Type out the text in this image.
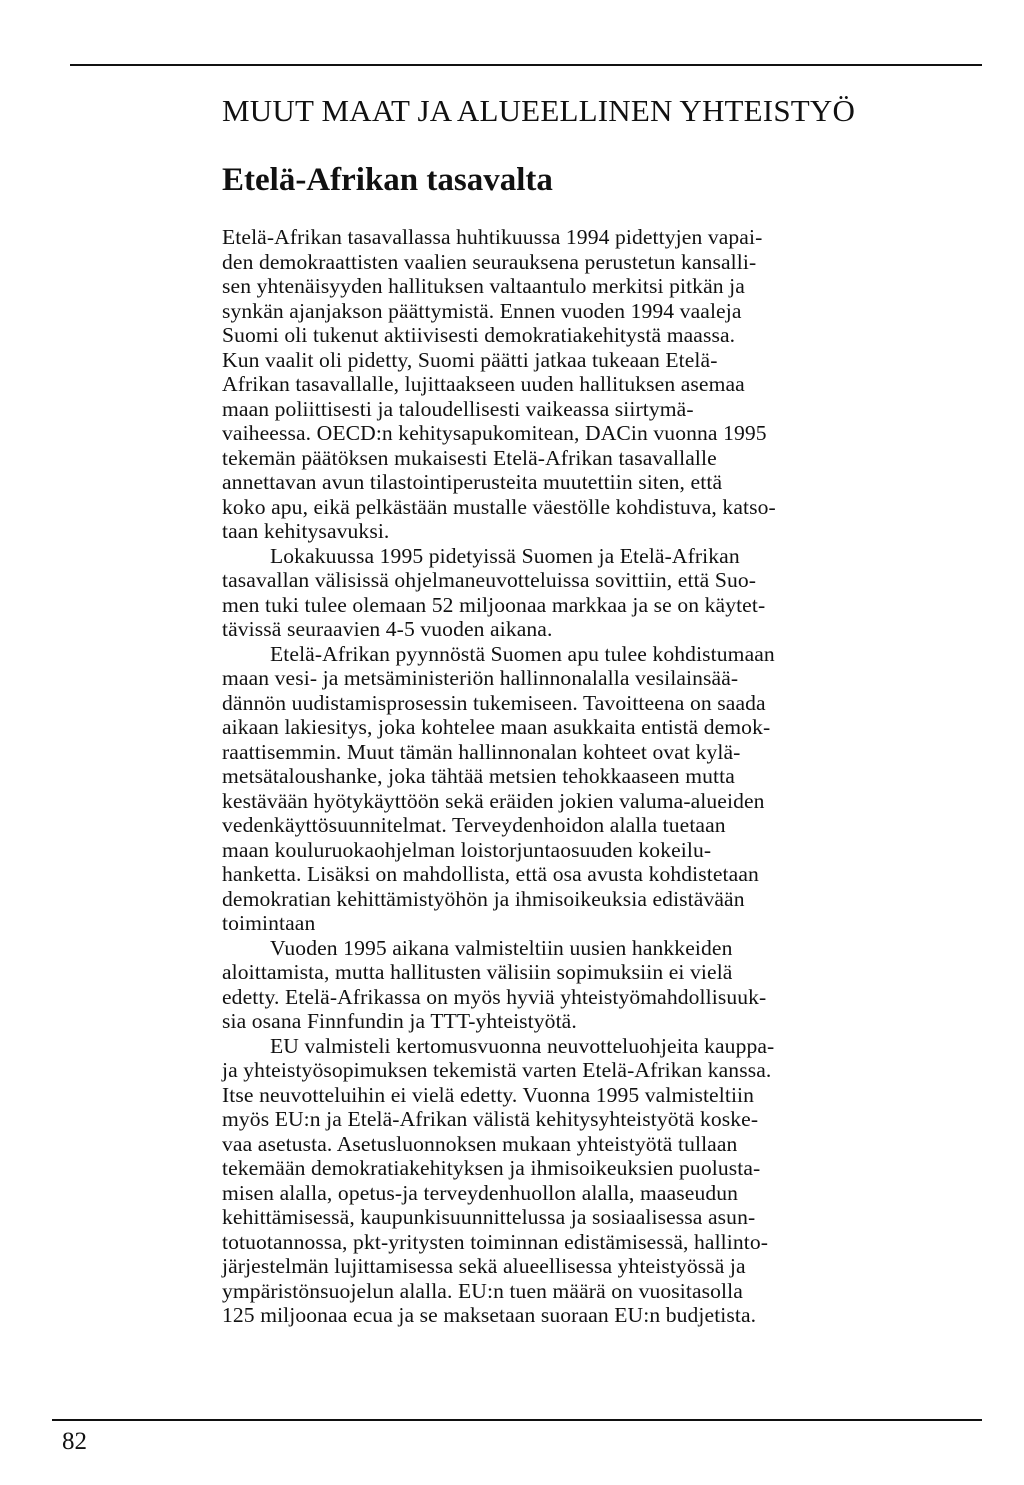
MUUT MAAT JA ALUEELLINEN YHTEISTYÖ
Etelä-Afrikan tasavalta
Etelä-Afrikan tasavallassa huhtikuussa 1994 pidettyjen vapai-
den demokraattisten vaalien seurauksena perustetun kansalli-
sen yhtenäisyyden hallituksen valtaantulo merkitsi pitkän ja
synkän ajanjakson päättymistä. Ennen vuoden 1994 vaaleja
Suomi oli tukenut aktiivisesti demokratiakehitystä maassa.
Kun vaalit oli pidetty, Suomi päätti jatkaa tukeaan Etelä-
Afrikan tasavallalle, lujittaakseen uuden hallituksen asemaa
maan poliittisesti ja taloudellisesti vaikeassa siirtymä-
vaiheessa. OECD:n kehitysapukomitean, DACin vuonna 1995
tekemän päätöksen mukaisesti Etelä-Afrikan tasavallalle
annettavan avun tilastointiperusteita muutettiin siten, että
koko apu, eikä pelkästään mustalle väestölle kohdistuva, katso-
taan kehitysavuksi.
Lokakuussa 1995 pidetyissä Suomen ja Etelä-Afrikan
tasavallan välisissä ohjelmaneuvotteluissa sovittiin, että Suo-
men tuki tulee olemaan 52 miljoonaa markkaa ja se on käytet-
tävissä seuraavien 4-5 vuoden aikana.
Etelä-Afrikan pyynnöstä Suomen apu tulee kohdistumaan
maan vesi- ja metsäministeriön hallinnonalalla vesilainsää-
dännön uudistamisprosessin tukemiseen. Tavoitteena on saada
aikaan lakiesitys, joka kohtelee maan asukkaita entistä demok-
raattisemmin. Muut tämän hallinnonalan kohteet ovat kylä-
metsätaloushanke, joka tähtää metsien tehokkaaseen mutta
kestävään hyötykäyttöön sekä eräiden jokien valuma-alueiden
vedenkäyttösuunnitelmat. Terveydenhoidon alalla tuetaan
maan kouluruokaohjelman loistorjuntaosuuden kokeilu-
hanketta. Lisäksi on mahdollista, että osa avusta kohdistetaan
demokratian kehittämistyöhön ja ihmisoikeuksia edistävään
toimintaan
Vuoden 1995 aikana valmisteltiin uusien hankkeiden
aloittamista, mutta hallitusten välisiin sopimuksiin ei vielä
edetty. Etelä-Afrikassa on myös hyviä yhteistyömahdollisuuk-
sia osana Finnfundin ja TTT-yhteistyötä.
EU valmisteli kertomusvuonna neuvotteluohjeita kauppa-
ja yhteistyösopimuksen tekemistä varten Etelä-Afrikan kanssa.
Itse neuvotteluihin ei vielä edetty. Vuonna 1995 valmisteltiin
myös EU:n ja Etelä-Afrikan välistä kehitysyhteistyötä koske-
vaa asetusta. Asetusluonnoksen mukaan yhteistyötä tullaan
tekemään demokratiakehityksen ja ihmisoikeuksien puolusta-
misen alalla, opetus-ja terveydenhuollon alalla, maaseudun
kehittämisessä, kaupunkisuunnittelussa ja sosiaalisessa asun-
totuotannossa, pkt-yritysten toiminnan edistämisessä, hallinto-
järjestelmän lujittamisessa sekä alueellisessa yhteistyössä ja
ympäristönsuojelun alalla. EU:n tuen määrä on vuositasolla
125 miljoonaa ecua ja se maksetaan suoraan EU:n budjetista.
82
